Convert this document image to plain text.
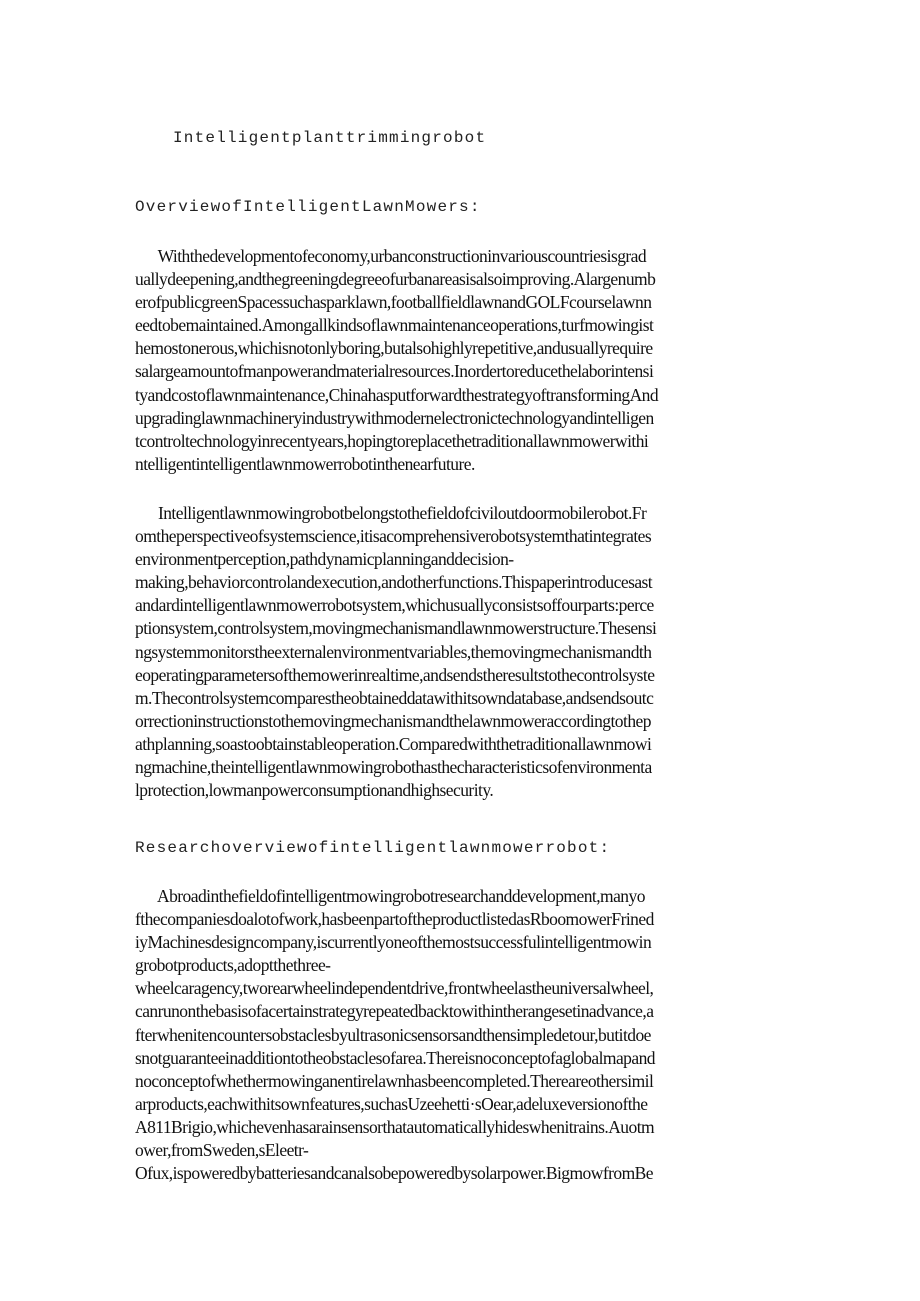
Intelligentplanttrimmingrobot
OverviewofIntelligentLawnMowers:
Withthedevelopmentofeconomy,urbanconstructioninvariouscountriesisgrad
uallydeepening,andthegreeningdegreeofurbanareasisalsoimproving.Alargenumb
erofpublicgreenSpacessuchasparklawn,footballfieldlawnandGOLFcourselawnn
eedtobemaintained.Amongallkindsoflawnmaintenanceoperations,turfmowingist
hemostonerous,whichisnotonlyboring,butalsohighlyrepetitive,andusuallyrequire
salargeamountofmanpowerandmaterialresources.Inordertoreducethelaborintensi
tyandcostoflawnmaintenance,ChinahasputforwardthestrategyoftransformingAnd
upgradinglawnmachineryindustrywithmodernelectronictechnologyandintelligen
tcontroltechnologyinrecentyears,hopingtoreplacethetraditionallawnmowerwithi
ntelligentintelligentlawnmowerrobotinthenearfuture.
Intelligentlawnmowingrobotbelongstothefieldofciviloutdoormobilerobot.Fr
omtheperspectiveofsystemscience,itisacomprehensiverobotsystemthatintegrates
environmentperception,pathdynamicplanninganddecision-
making,behaviorcontrolandexecution,andotherfunctions.Thispaperintroducesast
andardintelligentlawnmowerrobotsystem,whichusuallyconsistsoffourparts:perce
ptionsystem,controlsystem,movingmechanismandlawnmowerstructure.Thesensi
ngsystemmonitorstheexternalenvironmentvariables,themovingmechanismandth
eoperatingparametersofthemowerinrealtime,andsendstheresultstothecontrolsyste
m.Thecontrolsystemcomparestheobtaineddatawithitsowndatabase,andsendsoutc
orrectioninstructionstothemovingmechanismandthelawnmoweraccordingtothep
athplanning,soastoobtainstableoperation.Comparedwiththetraditionallawnmowi
ngmachine,theintelligentlawnmowingrobothasthecharacteristicsofenvironmenta
lprotection,lowmanpowerconsumptionandhighsecurity.
Researchoverviewofintelligentlawnmowerrobot:
Abroadinthefieldofintelligentmowingrobotresearchanddevelopment,manyo
fthecompaniesdoalotofwork,hasbeenpartoftheproductlistedasRboomowerFrined
iyMachinesdesigncompany,iscurrentlyoneofthemostsuccessfulintelligentmowin
grobotproducts,adoptthethree-
wheelcaragency,tworearwheelindependentdrive,frontwheelastheuniversalwheel,
canrunonthebasisofacertainstrategyrepeatedbacktowithintherangesetinadvance,a
fterwhenitencountersobstaclesbyultrasonicsensorsandthensimpledetour,butitdoe
snotguaranteeinadditiontotheobstaclesofarea.Thereisnoconceptofaglobalmapand
noconceptofwhethermowinganentirelawnhasbeencompleted.Thereareothersimil
arproducts,eachwithitsownfeatures,suchasUzeehetti·sOear,adeluxeversionofthe
A811Brigio,whichevenhasarainsensorthatautomaticallyhideswhenitrains.Auotm
ower,fromSweden,sEleetr-
Ofux,ispoweredbybatteriesandcanalsobepoweredbysolarpower.BigmowfromBe
